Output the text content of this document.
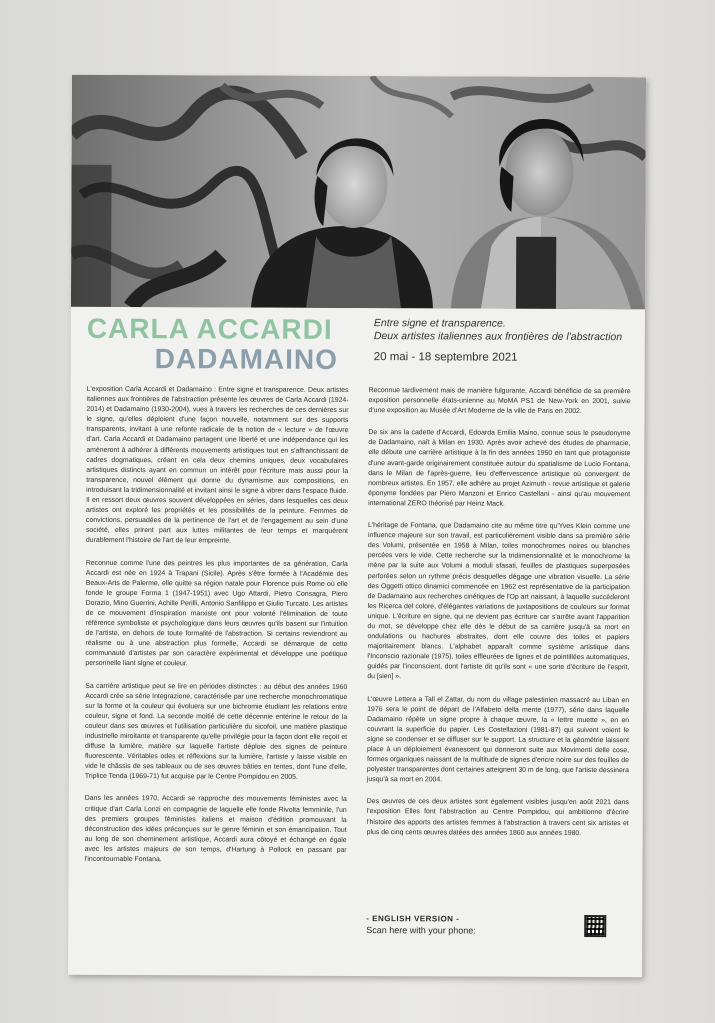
CARLA ACCARDI
DADAMAINO
Entre signe et transparence.
Deux artistes italiennes aux frontières de l'abstraction
20 mai - 18 septembre 2021

L'exposition Carla Accardi et Dadamaino : Entre signe et transparence. Deux artistes italiennes aux frontières de l'abstraction présente les œuvres de Carla Accardi (1924-2014) et Dadamaino (1930-2004), vues à travers les recherches de ces dernières sur le signe, qu'elles déploient d'une façon nouvelle, notamment sur des supports transparents, invitant à une refonte radicale de la notion de « lecture » de l'œuvre d'art. Carla Accardi et Dadamaino partagent une liberté et une indépendance qui les amèneront à adhérer à différents mouvements artistiques tout en s'affranchissant de cadres dogmatiques, créant en cela deux chemins uniques, deux vocabulaires artistiques distincts ayant en commun un intérêt pour l'écriture mais aussi pour la transparence, nouvel élément qui donne du dynamisme aux compositions, en introduisant la tridimensionnalité et invitant ainsi le signe à vibrer dans l'espace fluide. Il en ressort deux œuvres souvent développées en séries, dans lesquelles ces deux artistes ont exploré les propriétés et les possibilités de la peinture. Femmes de convictions, persuadées de la pertinence de l'art et de l'engagement au sein d'une société, elles prirent part aux luttes militantes de leur temps et marquèrent durablement l'histoire de l'art de leur empreinte.

Reconnue comme l'une des peintres les plus importantes de sa génération, Carla Accardi est née en 1924 à Trapani (Sicile). Après s'être formée à l'Académie des Beaux-Arts de Palerme, elle quitte sa région natale pour Florence puis Rome où elle fonde le groupe Forma 1 (1947-1951) avec Ugo Attardi, Pietro Consagra, Piero Dorazio, Mino Guerrini, Achille Perilli, Antonio Sanfilippo et Giulio Turcato. Les artistes de ce mouvement d'inspiration marxiste ont pour volonté l'élimination de toute référence symboliste et psychologique dans leurs œuvres qu'ils basent sur l'intuition de l'artiste, en dehors de toute formalité de l'abstraction. Si certains reviendront au réalisme ou à une abstraction plus formelle, Accardi se démarque de cette communauté d'artistes par son caractère expérimental et développe une poétique personnelle liant signe et couleur.

Sa carrière artistique peut se lire en périodes distinctes : au début des années 1960 Accardi crée sa série Integrazione, caractérisée par une recherche monochromatique sur la forme et la couleur qui évoluera sur une bichromie étudiant les relations entre couleur, signe et fond. La seconde moitié de cette décennie entérine le retour de la couleur dans ses œuvres et l'utilisation particulière du sicofoil, une matière plastique industrielle miroitante et transparente qu'elle privilégie pour la façon dont elle reçoit et diffuse la lumière, matière sur laquelle l'artiste déploie des signes de peinture fluorescente. Véritables odes et réflexions sur la lumière, l'artiste y laisse visible en vide le châssis de ses tableaux ou de ses œuvres bâties en tentes, dont l'une d'elle, Triplice Tenda (1969-71) fut acquise par le Centre Pompidou en 2005.

Dans les années 1970, Accardi se rapproche des mouvements féministes avec la critique d'art Carla Lonzi en compagnie de laquelle elle fonde Rivolta femminile, l'un des premiers groupes féministes italiens et maison d'édition promouvant la déconstruction des idées préconçues sur le genre féminin et son émancipation. Tout au long de son cheminement artistique, Accardi aura côtoyé et échangé en égale avec les artistes majeurs de son temps, d'Hartung à Pollock en passant par l'incontournable Fontana.

Reconnue tardivement mais de manière fulgurante, Accardi bénéficie de sa première exposition personnelle états-unienne au MoMA PS1 de New-York en 2001, suivie d'une exposition au Musée d'Art Moderne de la ville de Paris en 2002.

De six ans la cadette d'Accardi, Edoarda Emilia Maino, connue sous le pseudonyme de Dadamaino, naît à Milan en 1930. Après avoir achevé des études de pharmacie, elle débute une carrière artistique à la fin des années 1950 en tant que protagoniste d'une avant-garde originairement constituée autour du spatialisme de Lucio Fontana, dans le Milan de l'après-guerre, lieu d'effervescence artistique où convergent de nombreux artistes. En 1957, elle adhère au projet Azimuth - revue artistique et galerie éponyme fondées par Piero Manzoni et Enrico Castellani - ainsi qu'au mouvement international ZERO théorisé par Heinz Mack.

L'héritage de Fontana, que Dadamaino cite au même titre qu'Yves Klein comme une influence majeure sur son travail, est particulièrement visible dans sa première série des Volumi, présentée en 1958 à Milan, toiles monochromes noires ou blanches percées vers le vide. Cette recherche sur la tridimensionnalité et le monochrome la mène par la suite aux Volumi a moduli sfasati, feuilles de plastiques superposées perforées selon un rythme précis desquelles dégage une vibration visuelle. La série des Oggetti ottico dinamici commencée en 1962 est représentative de la participation de Dadamaino aux recherches cinétiques de l'Op art naissant, à laquelle succèderont les Ricerca del colore, d'élégantes variations de juxtapositions de couleurs sur format unique. L'écriture en signe, qui ne devient pas écriture car s'arrête avant l'apparition du mot, se développe chez elle dès le début de sa carrière jusqu'à sa mort en ondulations ou hachures abstraites, dont elle couvre des toiles et papiers majoritairement blancs. L'alphabet apparaît comme système artistique dans l'Inconscio razionale (1975), toiles effleurées de lignes et de pointillées automatiques, guidés par l'inconscient, dont l'artiste dit qu'ils sont « une sorte d'écriture de l'esprit, du [sien] ».

L'œuvre Lettera a Tall el Zattar, du nom du village palestinien massacré au Liban en 1976 sera le point de départ de l'Alfabeto della mente (1977), série dans laquelle Dadamaino répète un signe propre à chaque œuvre, la « lettre muette », en en couvrant la superficie du papier. Les Costellazioni (1981-87) qui suivent voient le signe se condenser et se diffuser sur le support. La structure et la géométrie laissent place à un déploiement évanescent qui donneront suite aux Movimenti delle cose, formes organiques naissant de la multitude de signes d'encre noire sur des feuilles de polyester transparentes dont certaines atteignent 30 m de long, que l'artiste dessinera jusqu'à sa mort en 2004.

Des œuvres de ces deux artistes sont également visibles jusqu'en août 2021 dans l'exposition Elles font l'abstraction au Centre Pompidou, qui ambitionne d'écrire l'histoire des apports des artistes femmes à l'abstraction à travers cent six artistes et plus de cinq cents œuvres datées des années 1860 aux années 1980.

- ENGLISH VERSION -
Scan here with your phone:
